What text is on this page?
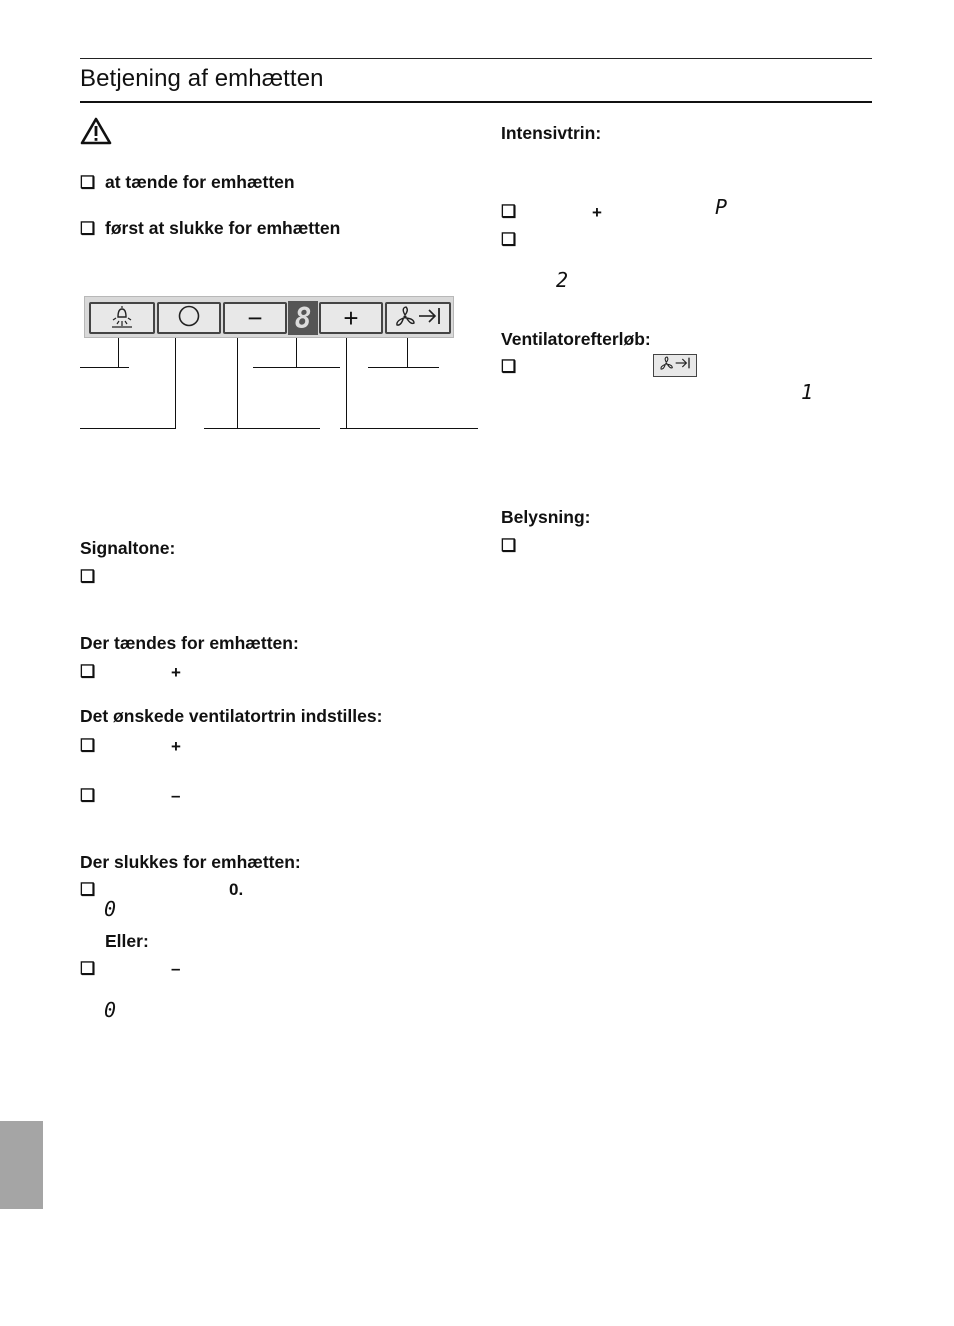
Betjening af emhætten
❑ at tænde for emhætten
❑ først at slukke for emhætten
−	8	+
Signaltone:
❑
Der tændes for emhætten:
❑	+
Det ønskede ventilatortrin indstilles:
❑	+
❑	–
Der slukkes for emhætten:
❑	0.
0
Eller:
❑	–
0
Intensivtrin:
❑	+	P
❑
2
Ventilatorefterløb:
❑
1
Belysning:
❑
